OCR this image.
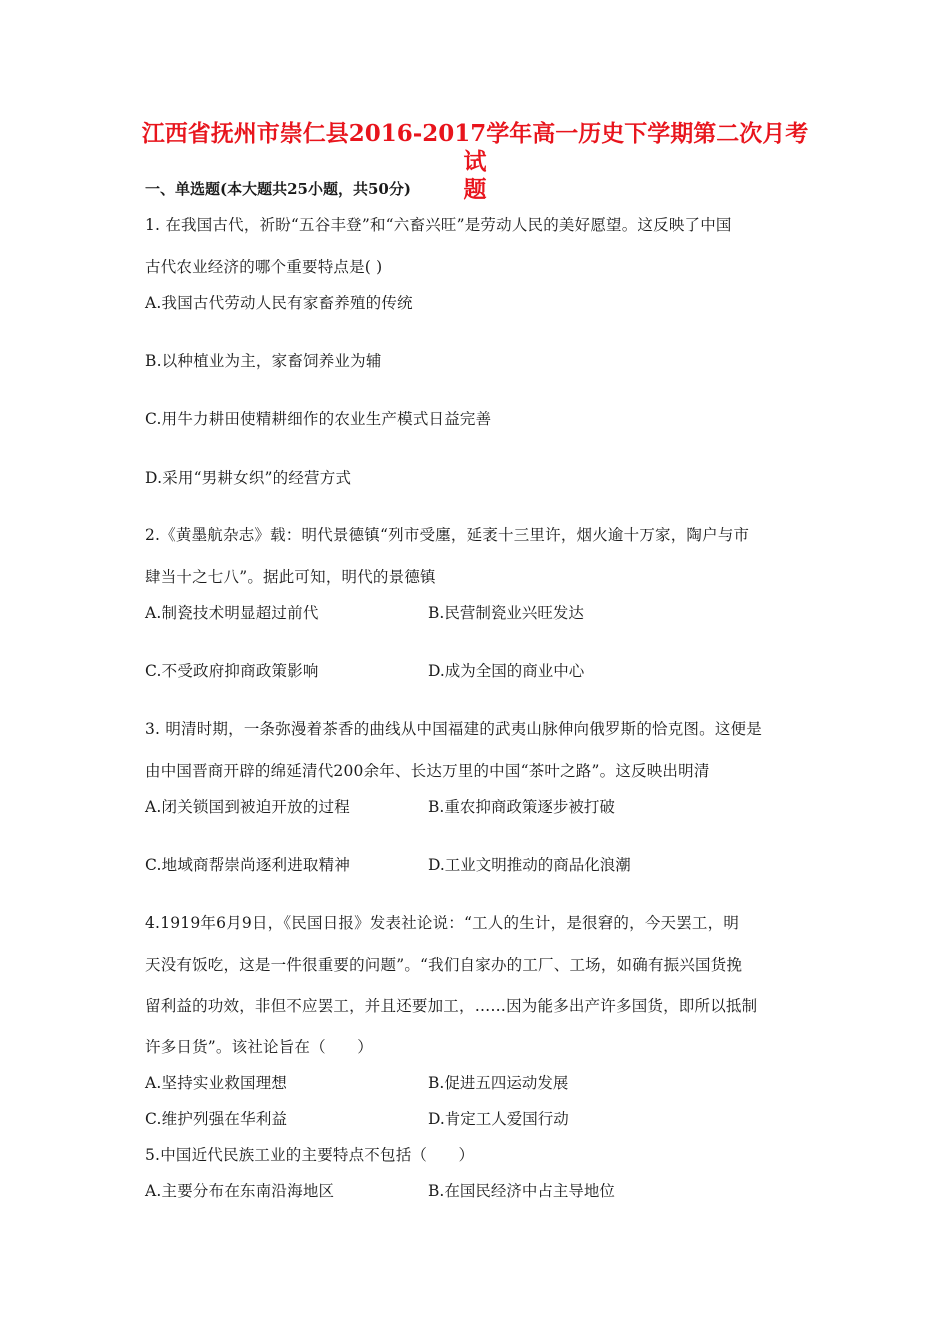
江西省抚州市崇仁县2016-2017学年高一历史下学期第二次月考试
题
一、单选题(本大题共25小题，共50分)
1. 在我国古代，祈盼“五谷丰登”和“六畜兴旺”是劳动人民的美好愿望。这反映了中国
古代农业经济的哪个重要特点是( )
A.我国古代劳动人民有家畜养殖的传统
B.以种植业为主，家畜饲养业为辅
C.用牛力耕田使精耕细作的农业生产模式日益完善
D.采用“男耕女织”的经营方式
2.《黄墨航杂志》载：明代景德镇“列市受廛，延袤十三里许，烟火逾十万家，陶户与市
肆当十之七八”。据此可知，明代的景德镇
A.制瓷技术明显超过前代	B.民营制瓷业兴旺发达
C.不受政府抑商政策影响	D.成为全国的商业中心
3. 明清时期，一条弥漫着茶香的曲线从中国福建的武夷山脉伸向俄罗斯的恰克图。这便是
由中国晋商开辟的绵延清代200余年、长达万里的中国“茶叶之路”。这反映出明清
A.闭关锁国到被迫开放的过程	B.重农抑商政策逐步被打破
C.地域商帮崇尚逐利进取精神	D.工业文明推动的商品化浪潮
4.1919年6月9日，《民国日报》发表社论说：“工人的生计，是很窘的，今天罢工，明
天没有饭吃，这是一件很重要的问题”。“我们自家办的工厂、工场，如确有振兴国货挽
留利益的功效，非但不应罢工，并且还要加工，……因为能多出产许多国货，即所以抵制
许多日货”。该社论旨在（　　）
A.坚持实业救国理想	B.促进五四运动发展
C.维护列强在华利益	D.肯定工人爱国行动
5.中国近代民族工业的主要特点不包括（　　）
A.主要分布在东南沿海地区	B.在国民经济中占主导地位
